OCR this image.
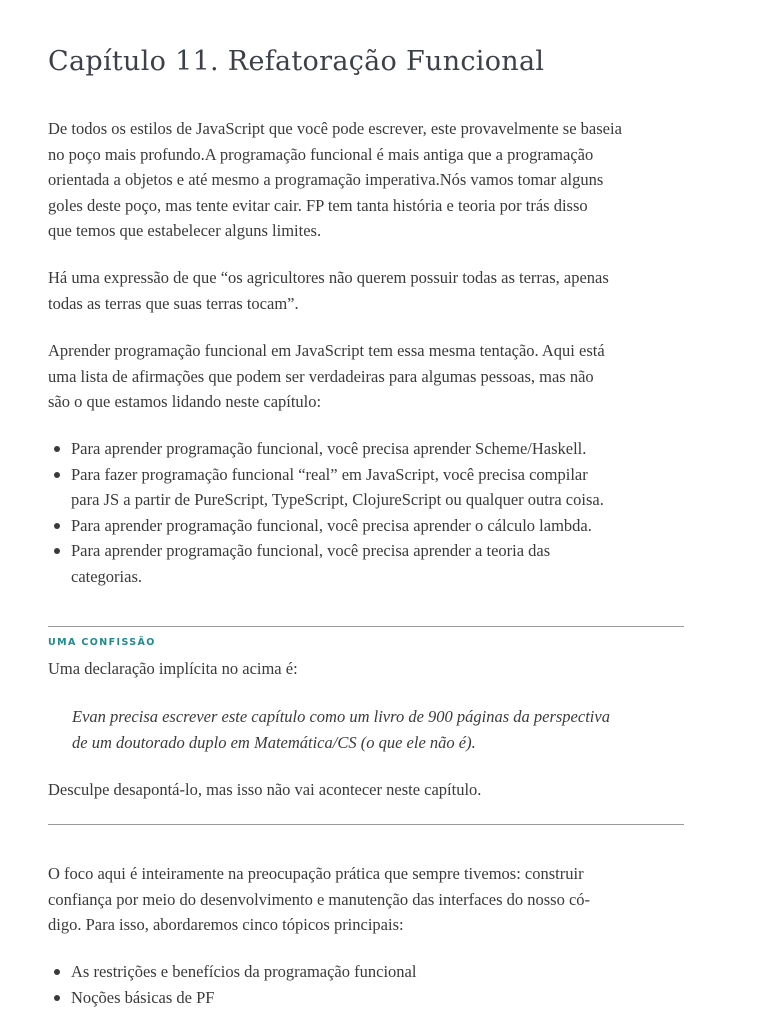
Capítulo 11. Refatoração Funcional

De todos os estilos de JavaScript que você pode escrever, este provavelmente se baseia
no poço mais profundo.A programação funcional é mais antiga que a programação
orientada a objetos e até mesmo a programação imperativa.Nós vamos tomar alguns
goles deste poço, mas tente evitar cair. FP tem tanta história e teoria por trás disso
que temos que estabelecer alguns limites.

Há uma expressão de que “os agricultores não querem possuir todas as terras, apenas
todas as terras que suas terras tocam”.

Aprender programação funcional em JavaScript tem essa mesma tentação. Aqui está
uma lista de afirmações que podem ser verdadeiras para algumas pessoas, mas não
são o que estamos lidando neste capítulo:

Para aprender programação funcional, você precisa aprender Scheme/Haskell.
Para fazer programação funcional “real” em JavaScript, você precisa compilar
para JS a partir de PureScript, TypeScript, ClojureScript ou qualquer outra coisa.
Para aprender programação funcional, você precisa aprender o cálculo lambda.
Para aprender programação funcional, você precisa aprender a teoria das
categorias.
UMA CONFISSÃO

Uma declaração implícita no acima é:

Evan precisa escrever este capítulo como um livro de 900 páginas da perspectiva
de um doutorado duplo em Matemática/CS (o que ele não é).

Desculpe desapontá-lo, mas isso não vai acontecer neste capítulo.

O foco aqui é inteiramente na preocupação prática que sempre tivemos: construir
confiança por meio do desenvolvimento e manutenção das interfaces do nosso có-
digo. Para isso, abordaremos cinco tópicos principais:

As restrições e benefícios da programação funcional
Noções básicas de PF
